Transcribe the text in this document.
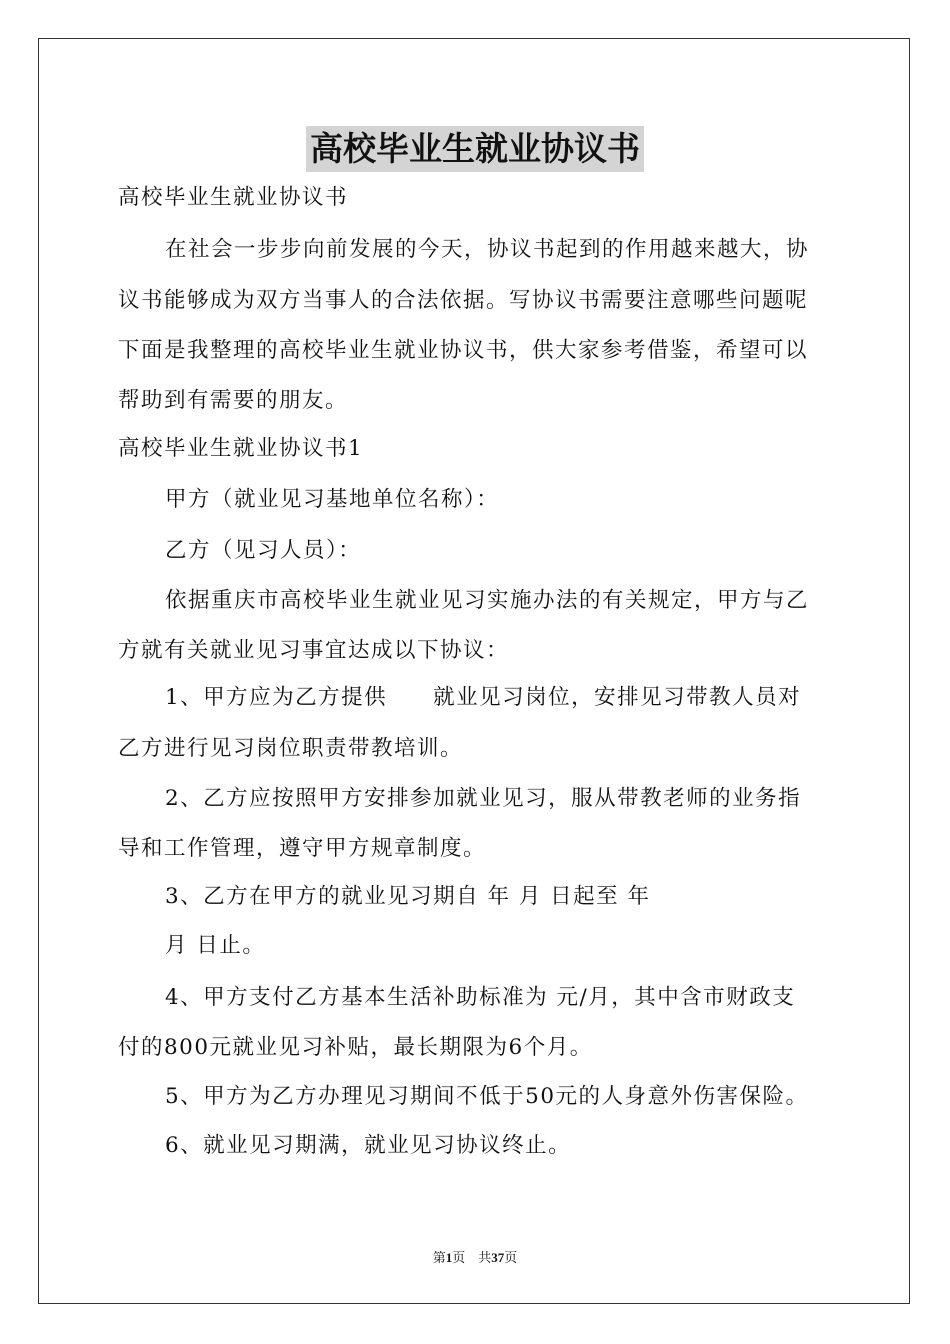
高校毕业生就业协议书
高校毕业生就业协议书
在社会一步步向前发展的今天，协议书起到的作用越来越大，协
议书能够成为双方当事人的合法依据。写协议书需要注意哪些问题呢
下面是我整理的高校毕业生就业协议书，供大家参考借鉴，希望可以
帮助到有需要的朋友。
高校毕业生就业协议书1
甲方（就业见习基地单位名称）：
乙方（见习人员）：
依据重庆市高校毕业生就业见习实施办法的有关规定，甲方与乙
方就有关就业见习事宜达成以下协议：
1、甲方应为乙方提供　　就业见习岗位，安排见习带教人员对
乙方进行见习岗位职责带教培训。
2、乙方应按照甲方安排参加就业见习，服从带教老师的业务指
导和工作管理，遵守甲方规章制度。
3、乙方在甲方的就业见习期自 年 月 日起至 年
月 日止。
4、甲方支付乙方基本生活补助标准为 元/月，其中含市财政支
付的800元就业见习补贴，最长期限为6个月。
5、甲方为乙方办理见习期间不低于50元的人身意外伤害保险。
6、就业见习期满，就业见习协议终止。
第1页 共37页
